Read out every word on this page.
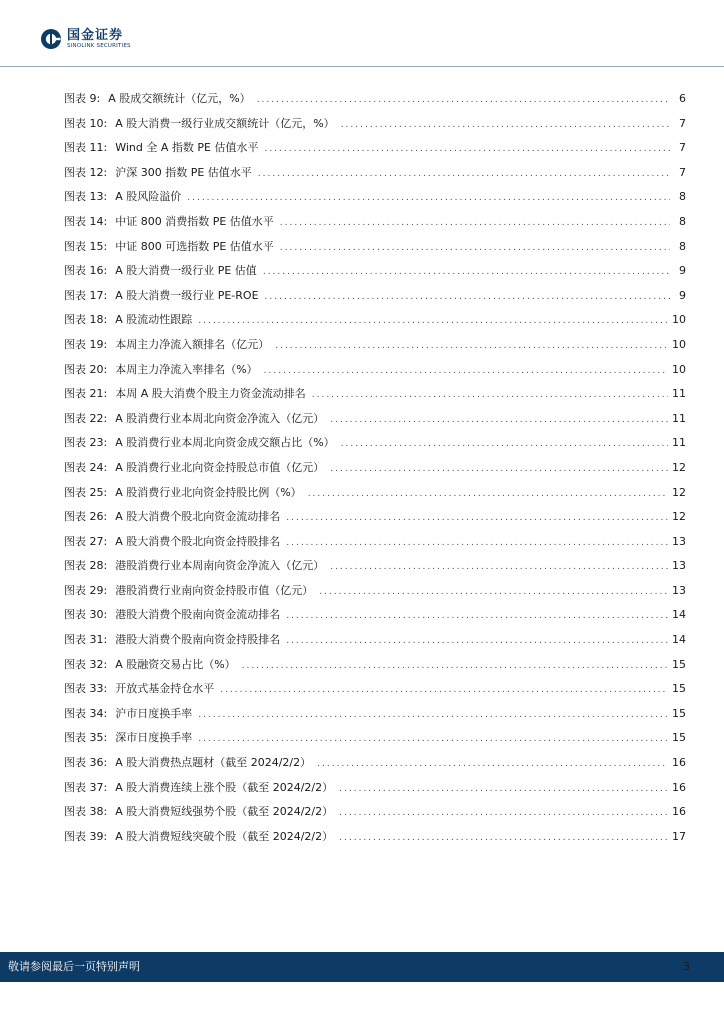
国金证券
SINOLINK SECURITIES
图表 9: A 股成交额统计（亿元，%） .....	6
图表 10: A 股大消费一级行业成交额统计（亿元，%） .....	7
图表 11: Wind 全 A 指数 PE 估值水平 .....	7
图表 12: 沪深 300 指数 PE 估值水平 .....	7
图表 13: A 股风险溢价 .....	8
图表 14: 中证 800 消费指数 PE 估值水平 .....	8
图表 15: 中证 800 可选指数 PE 估值水平 .....	8
图表 16: A 股大消费一级行业 PE 估值 .....	9
图表 17: A 股大消费一级行业 PE-ROE .....	9
图表 18: A 股流动性跟踪 .....	10
图表 19: 本周主力净流入额排名（亿元） .....	10
图表 20: 本周主力净流入率排名（%） .....	10
图表 21: 本周 A 股大消费个股主力资金流动排名 .....	11
图表 22: A 股消费行业本周北向资金净流入（亿元） .....	11
图表 23: A 股消费行业本周北向资金成交额占比（%） .....	11
图表 24: A 股消费行业北向资金持股总市值（亿元） .....	12
图表 25: A 股消费行业北向资金持股比例（%） .....	12
图表 26: A 股大消费个股北向资金流动排名 .....	12
图表 27: A 股大消费个股北向资金持股排名 .....	13
图表 28: 港股消费行业本周南向资金净流入（亿元） .....	13
图表 29: 港股消费行业南向资金持股市值（亿元） .....	13
图表 30: 港股大消费个股南向资金流动排名 .....	14
图表 31: 港股大消费个股南向资金持股排名 .....	14
图表 32: A 股融资交易占比（%） .....	15
图表 33: 开放式基金持仓水平 .....	15
图表 34: 沪市日度换手率 .....	15
图表 35: 深市日度换手率 .....	15
图表 36: A 股大消费热点题材（截至 2024/2/2） .....	16
图表 37: A 股大消费连续上涨个股（截至 2024/2/2） .....	16
图表 38: A 股大消费短线强势个股（截至 2024/2/2） .....	16
图表 39: A 股大消费短线突破个股（截至 2024/2/2） .....	17
敬请参阅最后一页特别声明	3
